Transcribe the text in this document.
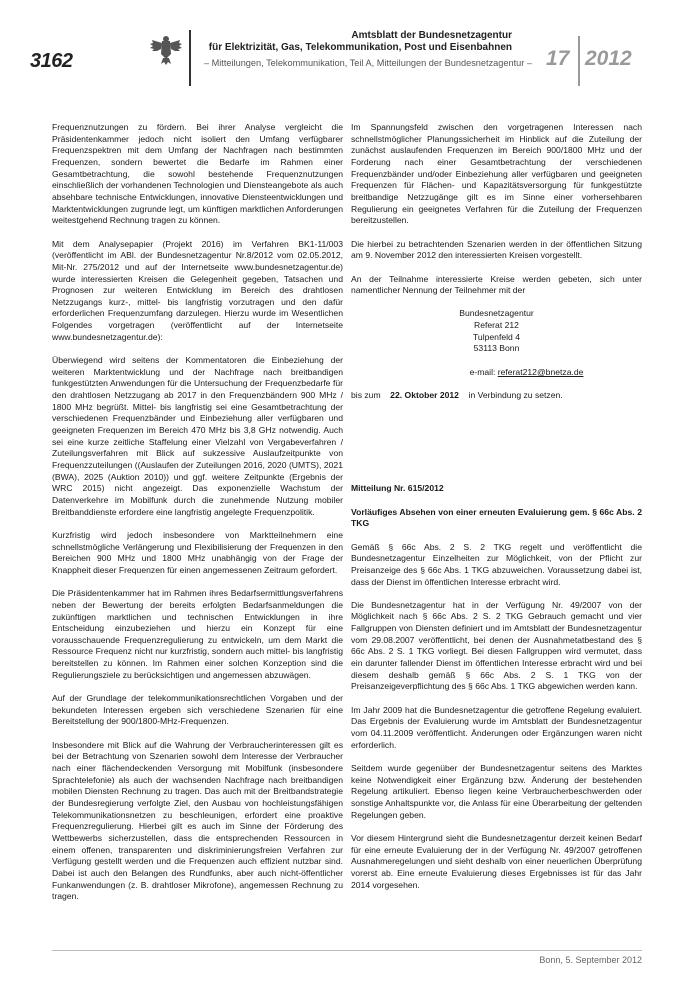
3162
Amtsblatt der Bundesnetzagentur
für Elektrizität, Gas, Telekommunikation, Post und Eisenbahnen
– Mitteilungen, Telekommunikation, Teil A, Mitteilungen der Bundesnetzagentur – 17 2012

Frequenznutzungen zu fördern. Bei ihrer Analyse vergleicht die Präsidentenkammer jedoch nicht isoliert den Umfang verfügbarer Frequenzspektren mit dem Umfang der Nachfragen nach bestimmten Frequenzen, sondern bewertet die Bedarfe im Rahmen einer Gesamtbetrachtung, die sowohl bestehende Frequenznutzungen einschließlich der vorhandenen Technologien und Diensteangebote als auch absehbare technische Entwicklungen, innovative Diensteentwicklungen und Marktentwicklungen zugrunde legt, um künftigen marktlichen Anforderungen weitestgehend Rechnung tragen zu können.

Mit dem Analysepapier (Projekt 2016) im Verfahren BK1-11/003 (veröffentlicht im ABl. der Bundesnetzagentur Nr.8/2012 vom 02.05.2012, Mit-Nr. 275/2012 und auf der Internetseite www.bundesnetzagentur.de) wurde interessierten Kreisen die Gelegenheit gegeben, Tatsachen und Prognosen zur weiteren Entwicklung im Bereich des drahtlosen Netzzugangs kurz-, mittel- bis langfristig vorzutragen und den dafür erforderlichen Frequenzumfang darzulegen. Hierzu wurde im Wesentlichen Folgendes vorgetragen (veröffentlicht auf der Internetseite www.bundesnetzagentur.de):

Überwiegend wird seitens der Kommentatoren die Einbeziehung der weiteren Marktentwicklung und der Nachfrage nach breitbandigen funkgestützten Anwendungen für die Untersuchung der Frequenzbedarfe für den drahtlosen Netzzugang ab 2017 in den Frequenzbändern 900 MHz / 1800 MHz begrüßt. Mittel- bis langfristig sei eine Gesamtbetrachtung der verschiedenen Frequenzbänder und Einbeziehung aller verfügbaren und geeigneten Frequenzen im Bereich 470 MHz bis 3,8 GHz notwendig. Auch sei eine kurze zeitliche Staffelung einer Vielzahl von Vergabeverfahren / Zuteilungsverfahren mit Blick auf sukzessive Auslaufzeitpunkte von Frequenzzuteilungen ((Auslaufen der Zuteilungen 2016, 2020 (UMTS), 2021 (BWA), 2025 (Auktion 2010)) und ggf. weitere Zeitpunkte (Ergebnis der WRC 2015) nicht angezeigt. Das exponenzielle Wachstum der Datenverkehre im Mobilfunk durch die zunehmende Nutzung mobiler Breitbanddienste erfordere eine langfristig angelegte Frequenzpolitik.

Kurzfristig wird jedoch insbesondere von Marktteilnehmern eine schnellstmögliche Verlängerung und Flexibilisierung der Frequenzen in den Bereichen 900 MHz und 1800 MHz unabhängig von der Frage der Knappheit dieser Frequenzen für einen angemessenen Zeitraum gefordert.

Die Präsidentenkammer hat im Rahmen ihres Bedarfsermittlungsverfahrens neben der Bewertung der bereits erfolgten Bedarfsanmeldungen die zukünftigen marktlichen und technischen Entwicklungen in ihre Entscheidung einzubeziehen und hierzu ein Konzept für eine vorausschauende Frequenzregulierung zu entwickeln, um dem Markt die Ressource Frequenz nicht nur kurzfristig, sondern auch mittel- bis langfristig bereitstellen zu können. Im Rahmen einer solchen Konzeption sind die Regulierungsziele zu berücksichtigen und angemessen abzuwägen.

Auf der Grundlage der telekommunikationsrechtlichen Vorgaben und der bekundeten Interessen ergeben sich verschiedene Szenarien für eine Bereitstellung der 900/1800-MHz-Frequenzen.

Insbesondere mit Blick auf die Wahrung der Verbraucherinteressen gilt es bei der Betrachtung von Szenarien sowohl dem Interesse der Verbraucher nach einer flächendeckenden Versorgung mit Mobilfunk (insbesondere Sprachtelefonie) als auch der wachsenden Nachfrage nach breitbandigen mobilen Diensten Rechnung zu tragen. Das auch mit der Breitbandstrategie der Bundesregierung verfolgte Ziel, den Ausbau von hochleistungsfähigen Telekommunikationsnetzen zu beschleunigen, erfordert eine proaktive Frequenzregulierung. Hierbei gilt es auch im Sinne der Förderung des Wettbewerbs sicherzustellen, dass die entsprechenden Ressourcen in einem offenen, transparenten und diskriminierungsfreien Verfahren zur Verfügung gestellt werden und die Frequenzen auch effizient nutzbar sind. Dabei ist auch den Belangen des Rundfunks, aber auch nicht-öffentlicher Funkanwendungen (z. B. drahtloser Mikrofone), angemessen Rechnung zu tragen.

Im Spannungsfeld zwischen den vorgetragenen Interessen nach schnellstmöglicher Planungssicherheit im Hinblick auf die Zuteilung der zunächst auslaufenden Frequenzen im Bereich 900/1800 MHz und der Forderung nach einer Gesamtbetrachtung der verschiedenen Frequenzbänder und/oder Einbeziehung aller verfügbaren und geeigneten Frequenzen für Flächen- und Kapazitätsversorgung für funkgestützte breitbandige Netzzugänge gilt es im Sinne einer vorhersehbaren Regulierung ein geeignetes Verfahren für die Zuteilung der Frequenzen bereitzustellen.

Die hierbei zu betrachtenden Szenarien werden in der öffentlichen Sitzung am 9. November 2012 den interessierten Kreisen vorgestellt.

An der Teilnahme interessierte Kreise werden gebeten, sich unter namentlicher Nennung der Teilnehmer mit der

Bundesnetzagentur
Referat 212
Tulpenfeld 4
53113 Bonn
e-mail: referat212@bnetza.de

bis zum 22. Oktober 2012 in Verbindung zu setzen.

Mitteilung Nr. 615/2012

Vorläufiges Absehen von einer erneuten Evaluierung gem. § 66c Abs. 2 TKG

Gemäß § 66c Abs. 2 S. 2 TKG regelt und veröffentlicht die Bundesnetzagentur Einzelheiten zur Möglichkeit, von der Pflicht zur Preisanzeige des § 66c Abs. 1 TKG abzuweichen. Voraussetzung dabei ist, dass der Dienst im öffentlichen Interesse erbracht wird.

Die Bundesnetzagentur hat in der Verfügung Nr. 49/2007 von der Möglichkeit nach § 66c Abs. 2 S. 2 TKG Gebrauch gemacht und vier Fallgruppen von Diensten definiert und im Amtsblatt der Bundesnetzagentur vom 29.08.2007 veröffentlicht, bei denen der Ausnahmetatbestand des § 66c Abs. 2 S. 1 TKG vorliegt. Bei diesen Fallgruppen wird vermutet, dass ein darunter fallender Dienst im öffentlichen Interesse erbracht wird und bei diesem deshalb gemäß § 66c Abs. 2 S. 1 TKG von der Preisanzeigeverpflichtung des § 66c Abs. 1 TKG abgewichen werden kann.

Im Jahr 2009 hat die Bundesnetzagentur die getroffene Regelung evaluiert. Das Ergebnis der Evaluierung wurde im Amtsblatt der Bundesnetzagentur vom 04.11.2009 veröffentlicht. Änderungen oder Ergänzungen waren nicht erforderlich.

Seitdem wurde gegenüber der Bundesnetzagentur seitens des Marktes keine Notwendigkeit einer Ergänzung bzw. Änderung der bestehenden Regelung artikuliert. Ebenso liegen keine Verbraucherbeschwerden oder sonstige Anhaltspunkte vor, die Anlass für eine Überarbeitung der geltenden Regelungen geben.

Vor diesem Hintergrund sieht die Bundesnetzagentur derzeit keinen Bedarf für eine erneute Evaluierung der in der Verfügung Nr. 49/2007 getroffenen Ausnahmeregelungen und sieht deshalb von einer neuerlichen Überprüfung vorerst ab. Eine erneute Evaluierung dieses Ergebnisses ist für das Jahr 2014 vorgesehen.

Bonn, 5. September 2012
